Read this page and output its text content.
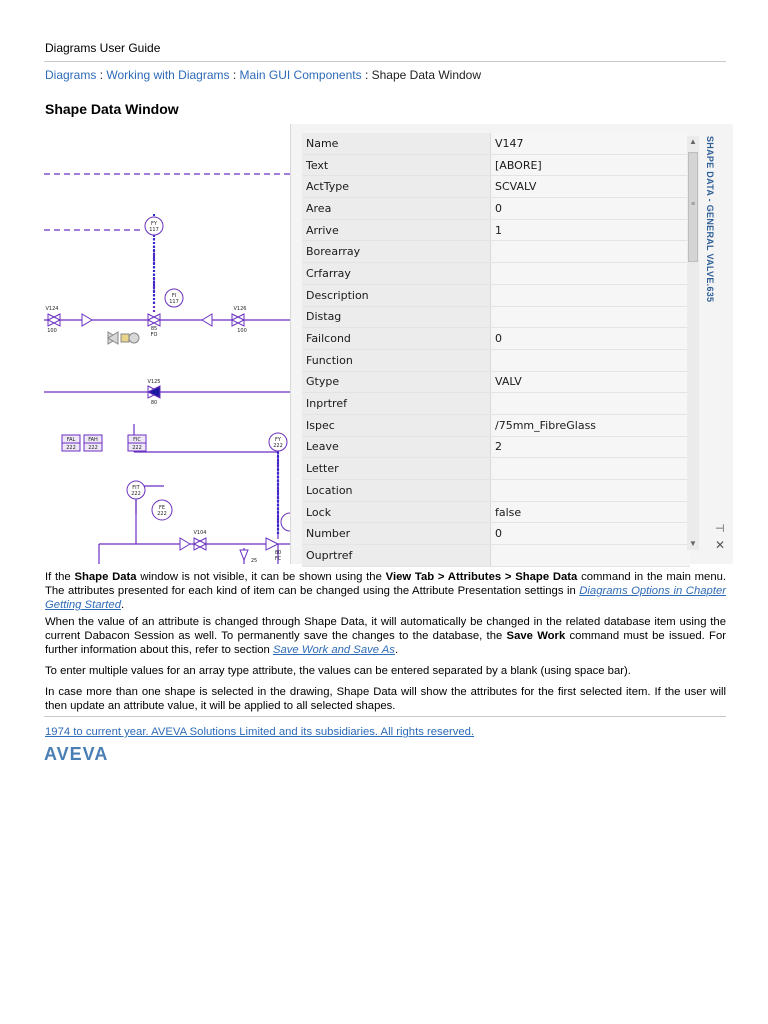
Diagrams User Guide
Diagrams : Working with Diagrams : Main GUI Components : Shape Data Window
Shape Data Window
V124
100
V126
100
85
FO
V125
80
FY
117
FI
117
FAL
222
FAH
222
FIC
222
FY
222
FIT
222
FE
222
V104
80
FC
25
Name	V147
Text	[ABORE]
ActType	SCVALV
Area	0
Arrive	1
Borearray	
Crfarray	
Description	
Distag	
Failcond	0
Function	
Gtype	VALV
Inprtref	
Ispec	/75mm_FibreGlass
Leave	2
Letter	
Location	
Lock	false
Number	0
Ouprtref	
▲
≡
▼
SHAPE DATA - GENERAL VALVE.635
⊣
✕
If the Shape Data window is not visible, it can be shown using the View Tab > Attributes > Shape Data command in the main menu. The attributes presented for each kind of item can be changed using the Attribute Presentation settings in Diagrams Options in Chapter Getting Started.
When the value of an attribute is changed through Shape Data, it will automatically be changed in the related database item using the current Dabacon Session as well. To permanently save the changes to the database, the Save Work command must be issued. For further information about this, refer to section Save Work and Save As.
To enter multiple values for an array type attribute, the values can be entered separated by a blank (using space bar).
In case more than one shape is selected in the drawing, Shape Data will show the attributes for the first selected item. If the user will then update an attribute value, it will be applied to all selected shapes.
1974 to current year. AVEVA Solutions Limited and its subsidiaries. All rights reserved.
AVEVA
